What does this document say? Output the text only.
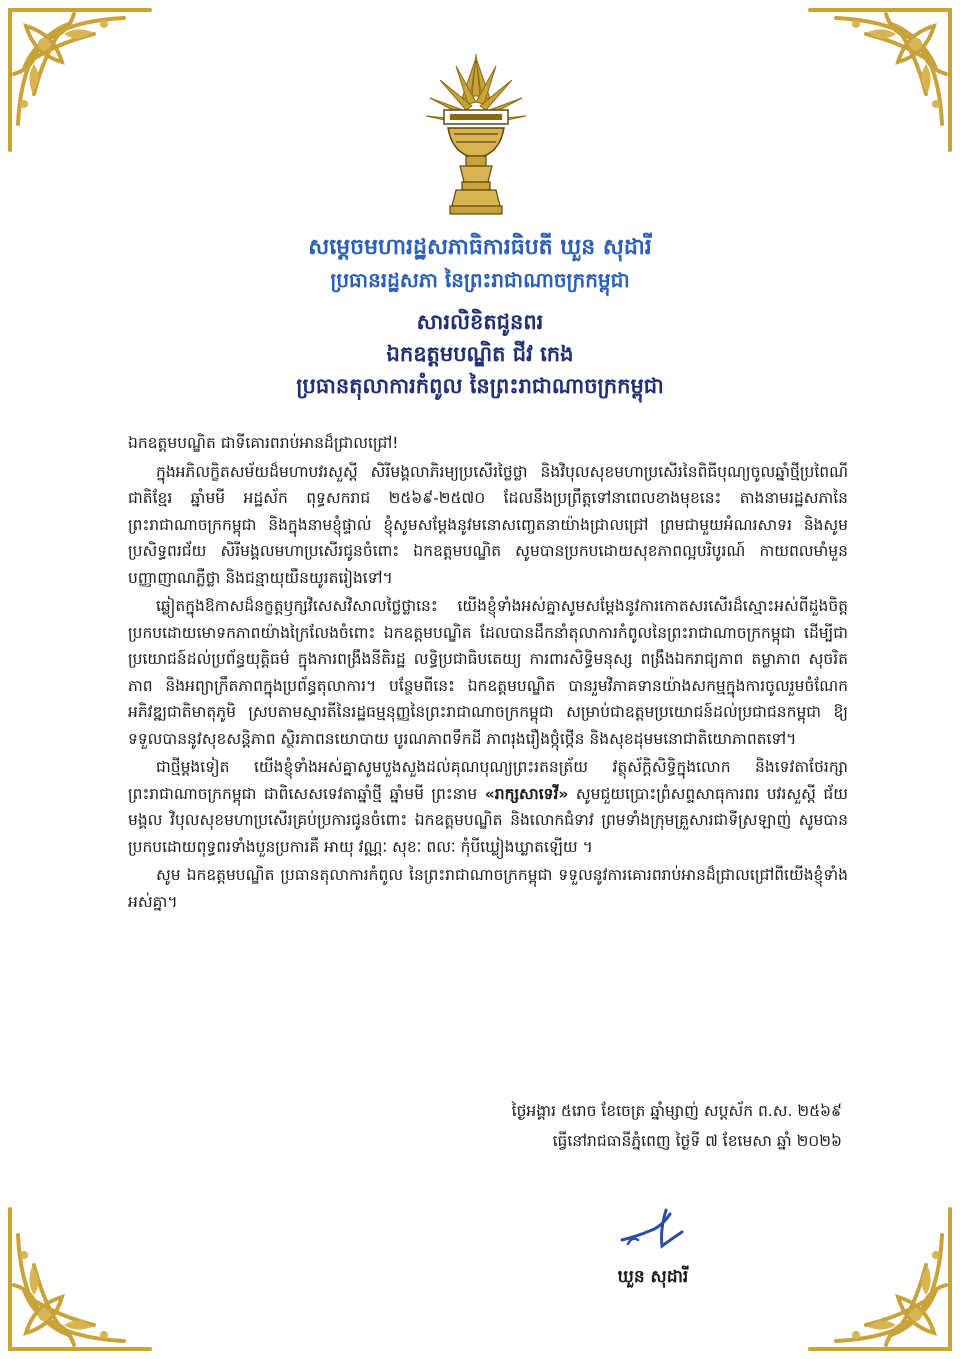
សម្តេចមហារដ្ឋសភាធិការធិបតី ឃួន សុដារី
ប្រធានរដ្ឋសភា នៃព្រះរាជាណាចក្រកម្ពុជា
សារលិខិតជូនពរ
ឯកឧត្តមបណ្ឌិត ជីវ កេង
ប្រធានតុលាការកំពូល នៃព្រះរាជាណាចក្រកម្ពុជា

ឯកឧត្តមបណ្ឌិត ជាទីគោរពរាប់អានដ៏ជ្រាលជ្រៅ!

ក្នុងអភិលក្ខិតសម័យដ៏មហាបវរសួស្តី សិរីមង្គលាភិរម្យប្រសើរថ្លៃថ្លា និងវិបុលសុខមហាប្រសើរនៃពិធីបុណ្យចូលឆ្នាំថ្មីប្រពៃណីជាតិខ្មែរ ឆ្នាំមមី អដ្ឋស័ក ពុទ្ធសករាជ ២៥៦៩-២៥៧០ ដែលនឹងប្រព្រឹត្តទៅនាពេលខាងមុខនេះ តាងនាមរដ្ឋសភានៃព្រះរាជាណាចក្រកម្ពុជា និងក្នុងនាមខ្ញុំផ្ទាល់ ខ្ញុំសូមសម្តែងនូវមនោសញ្ចេតនាយ៉ាងជ្រាលជ្រៅ ព្រមជាមួយអំណរសាទរ និងសូមប្រសិទ្ធពរជ័យ សិរីមង្គលមហាប្រសើរជូនចំពោះ ឯកឧត្តមបណ្ឌិត សូមបានប្រកបដោយសុខភាពល្អបរិបូរណ៍ កាយពលមាំមួន បញ្ញាញាណភ្លឺថ្លា និងជន្មាយុយឺនយូរតរៀងទៅ។

ឆ្លៀតក្នុងឱកាសដ៏នក្ខត្តឫក្សវិសេសវិសាលថ្លៃថ្លានេះ យើងខ្ញុំទាំងអស់គ្នាសូមសម្តែងនូវការកោតសរសើរដ៏ស្មោះអស់ពីដួងចិត្តប្រកបដោយមោទកភាពយ៉ាងក្រៃលែងចំពោះ ឯកឧត្តមបណ្ឌិត ដែលបានដឹកនាំតុលាការកំពូលនៃព្រះរាជាណាចក្រកម្ពុជា ដើម្បីជាប្រយោជន៍ដល់ប្រព័ន្ធយុត្តិធម៌ ក្នុងការពង្រឹងនីតិរដ្ឋ លទ្ធិប្រជាធិបតេយ្យ ការពារសិទ្ធិមនុស្ស ពង្រឹងឯករាជ្យភាព តម្លាភាព សុចរិតភាព និងអព្យាក្រឹតភាពក្នុងប្រព័ន្ធតុលាការ។ បន្ថែមពីនេះ ឯកឧត្តមបណ្ឌិត បានរួមវិភាគទានយ៉ាងសកម្មក្នុងការចូលរួមចំណែកអភិវឌ្ឍជាតិមាតុភូមិ ស្របតាមស្មារតីនៃរដ្ឋធម្មនុញ្ញនៃព្រះរាជាណាចក្រកម្ពុជា សម្រាប់ជាឧត្តមប្រយោជន៍ដល់ប្រជាជនកម្ពុជា ឱ្យទទួលបាននូវសុខសន្តិភាព ស្ថិរភាពនយោបាយ បូរណភាពទឹកដី ភាពរុងរឿងថ្កុំថ្កើន និងសុខដុមមនោជាតិយោភាពតទៅ។

ជាថ្មីម្តងទៀត យើងខ្ញុំទាំងអស់គ្នាសូមបួងសួងដល់គុណបុណ្យព្រះរតនត្រ័យ វត្ថុស័ក្តិសិទ្ធិក្នុងលោក និងទេវតាថែរក្សាព្រះរាជាណាចក្រកម្ពុជា ជាពិសេសទេវតាឆ្នាំថ្មី ឆ្នាំមមី ព្រះនាម «រាក្សសាទេវី» សូមជួយប្រោះព្រំសព្ទសាធុការពរ បវរសួស្តី ជ័យមង្គល វិបុលសុខមហាប្រសើរគ្រប់ប្រការជូនចំពោះ ឯកឧត្តមបណ្ឌិត និងលោកជំទាវ ព្រមទាំងក្រុមគ្រួសារជាទីស្រឡាញ់ សូមបានប្រកបដោយពុទ្ធពរទាំងបួនប្រការគឺ អាយុ វណ្ណៈ សុខៈ ពលៈ កុំបីឃ្លៀងឃ្លាតឡើយ ។

សូម ឯកឧត្តមបណ្ឌិត ប្រធានតុលាការកំពូល នៃព្រះរាជាណាចក្រកម្ពុជា ទទួលនូវការគោរពរាប់អានដ៏ជ្រាលជ្រៅពីយើងខ្ញុំទាំងអស់គ្នា។

ថ្ងៃអង្គារ ៥រោច ខែចេត្រ ឆ្នាំម្សាញ់ សប្តស័ក ព.ស. ២៥៦៩
ធ្វើនៅរាជធានីភ្នំពេញ ថ្ងៃទី ៧ ខែមេសា ឆ្នាំ ២០២៦
ឃួន សុដារី
